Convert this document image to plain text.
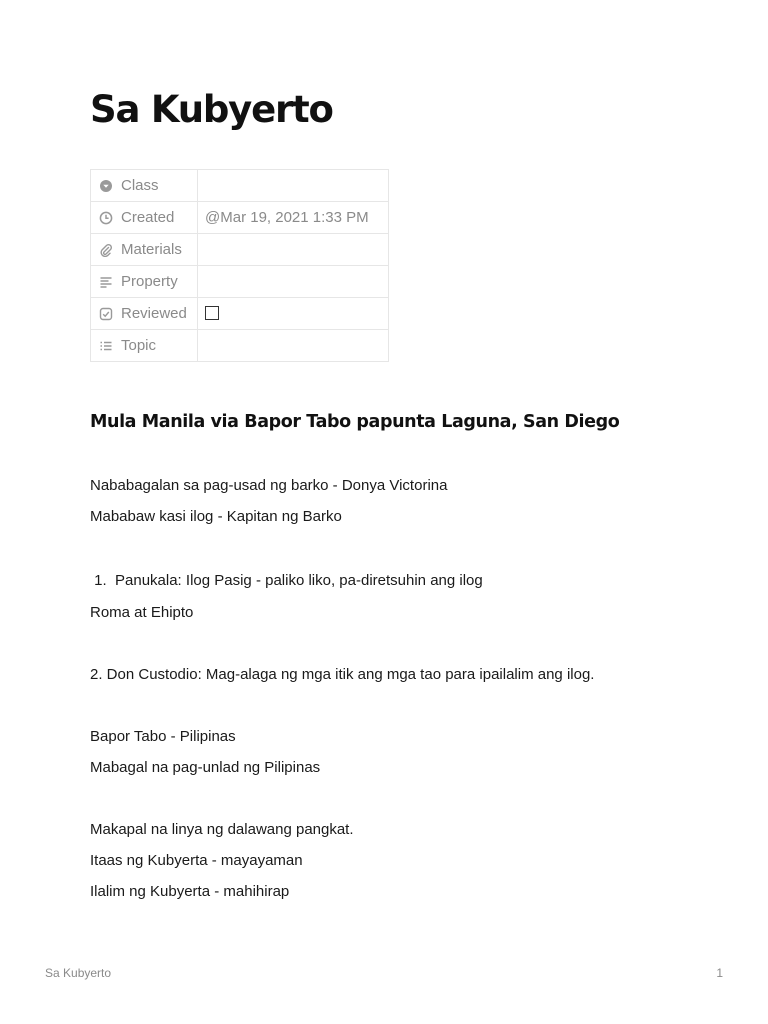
Sa Kubyerto
Class	

Created	@Mar 19, 2021 1:33 PM

Materials	

Property	

Reviewed	

Topic	
Mula Manila via Bapor Tabo papunta Laguna, San Diego

Nababagalan sa pag-usad ng barko - Donya Victorina

Mababaw kasi ilog - Kapitan ng Barko

1.  Panukala: Ilog Pasig - paliko liko, pa-diretsuhin ang ilog

Roma at Ehipto

2. Don Custodio: Mag-alaga ng mga itik ang mga tao para ipailalim ang ilog.

Bapor Tabo - Pilipinas

Mabagal na pag-unlad ng Pilipinas

Makapal na linya ng dalawang pangkat.

Itaas ng Kubyerta - mayayaman

Ilalim ng Kubyerta - mahihirap

Sa Kubyerto	1
